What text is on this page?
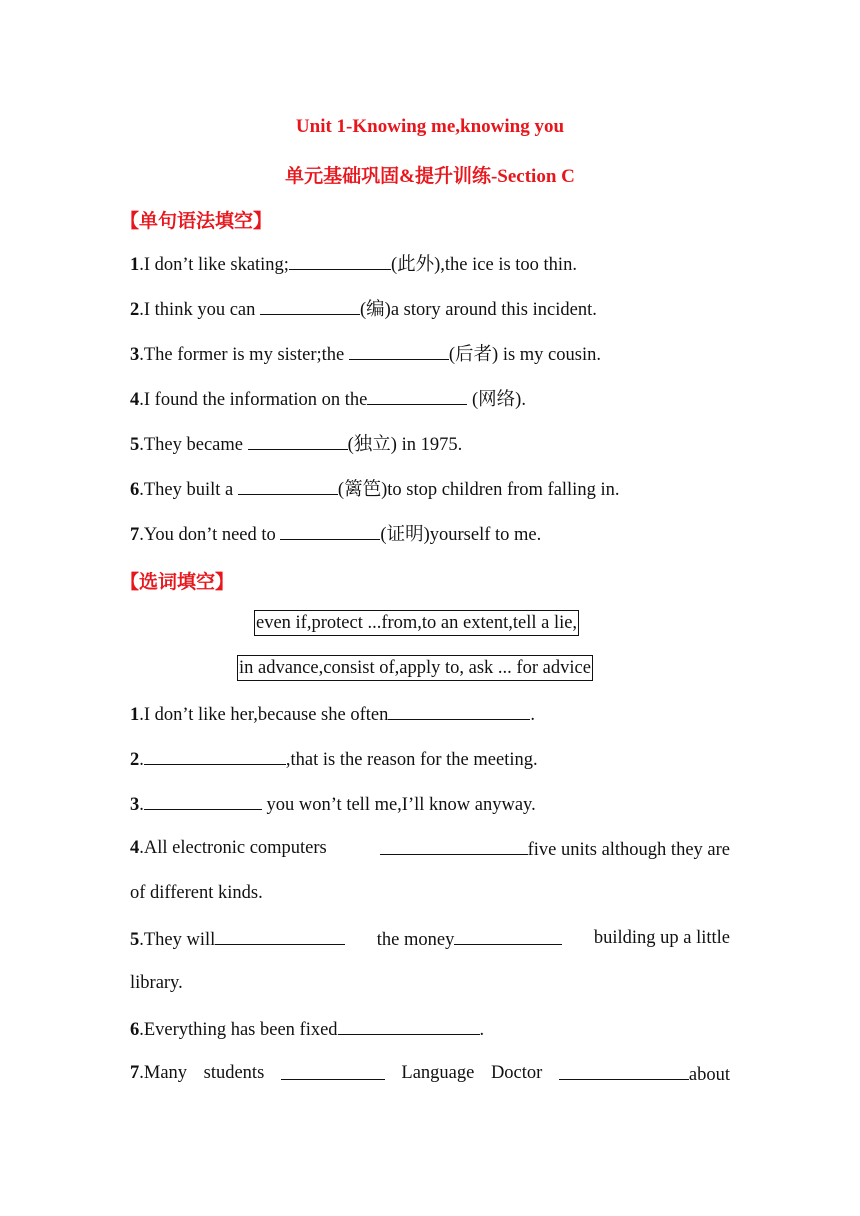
Unit 1-Knowing me,knowing you
单元基础巩固&提升训练-Section C
【单句语法填空】
1.I don’t like skating;	(此外),the ice is too thin.
2.I think you can	(编)a story around this incident.
3.The former is my sister;the	(后者) is my cousin.
4.I found the information on the	(网络).
5.They became	(独立) in 1975.
6.They built a	(篱笆)to stop children from falling in.
7.You don’t need to	(证明)yourself to me.
【选词填空】
even if,protect ...from,to an extent,tell a lie,
in advance,consist of,apply to, ask ... for advice
1.I don’t like her,because she often	.
2.	,that is the reason for the meeting.
3.	you won’t tell me,I’ll know anyway.
4.All electronic computers	five units although they are
of different kinds.
5.They will	the money	building up a little
library.
6.Everything has been fixed	.
7.Many students	Language Doctor	about
